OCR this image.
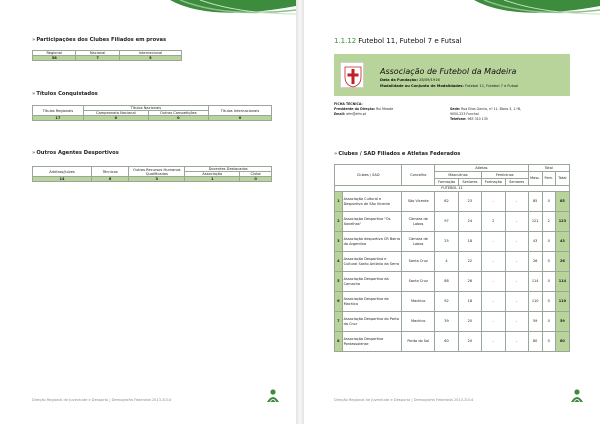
»Participações dos Clubes Filiados em provas
Regional	Nacional	Internacional
38	7	5
»Títulos Conquistados
Títulos Regionais	Títulos Nacionais		Títulos Internacionais
	Campeonato Nacional	Outras Competições	
17	0	0	0
»Outros Agentes Desportivos
Árbitros/Juízes	Técnicos	Outros Recursos Humanos Qualificados	Docentes Destacados	
			Associação	Clube
14	6	3	1	0
Direção Regional de Juventude e Desporto | Demografia Federada 2013.2014
1.1.12 Futebol 11, Futebol 7 e Futsal
Associação de Futebol da Madeira
Data da Fundação: 28/09/1916
Modalidade ou Conjunto de Modalidades: Futebol 11, Futebol 7 e Futsal
FICHA TECNICA:
Presidente da Direção: Rui Marote
Email: afm@afm.pt
Sede: Rua Elias Garcia, nº 11, Bloco 3, 1.ºB,
9050-223 Funchal
Telefone: 963 310 135
»Clubes / SAD Filiados e Atletas Federados
Clubes / SAD		Concelho	Atletas				Total		
			Masculinos		Femininos		Masc.	Fem.	Total
			Formação	Seniores	Formação	Seniores			
FUTEBOL 11									
1	Associação Cultural e Desportiva de São Vicente	São Vicente	62	23	-	-	85	0	85
2	Associação Desportiva "Os Xavelhas"	Câmara de Lobos	97	24	2	-	121	2	123
3	Associação desportiva CR Bairro da Argentina	Câmara de Lobos	25	18	-	-	43	0	43
4	Associação Desportiva e Cultural Santo António da Serra	Santa Cruz	4	22	-	-	26	0	26
5	Associação Desportiva da Camacha	Santa Cruz	88	26	-	-	114	0	114
6	Associação Desportiva de Machico	Machico	92	18	-	-	110	0	110
7	Associação Desportiva do Porto da Cruz	Machico	39	20	-	-	59	0	59
8	Associação Desportiva Pontassolense	Ponta do Sol	60	20	-	-	80	0	80
Direção Regional de Juventude e Desporto | Demografia Federada 2013.2014
